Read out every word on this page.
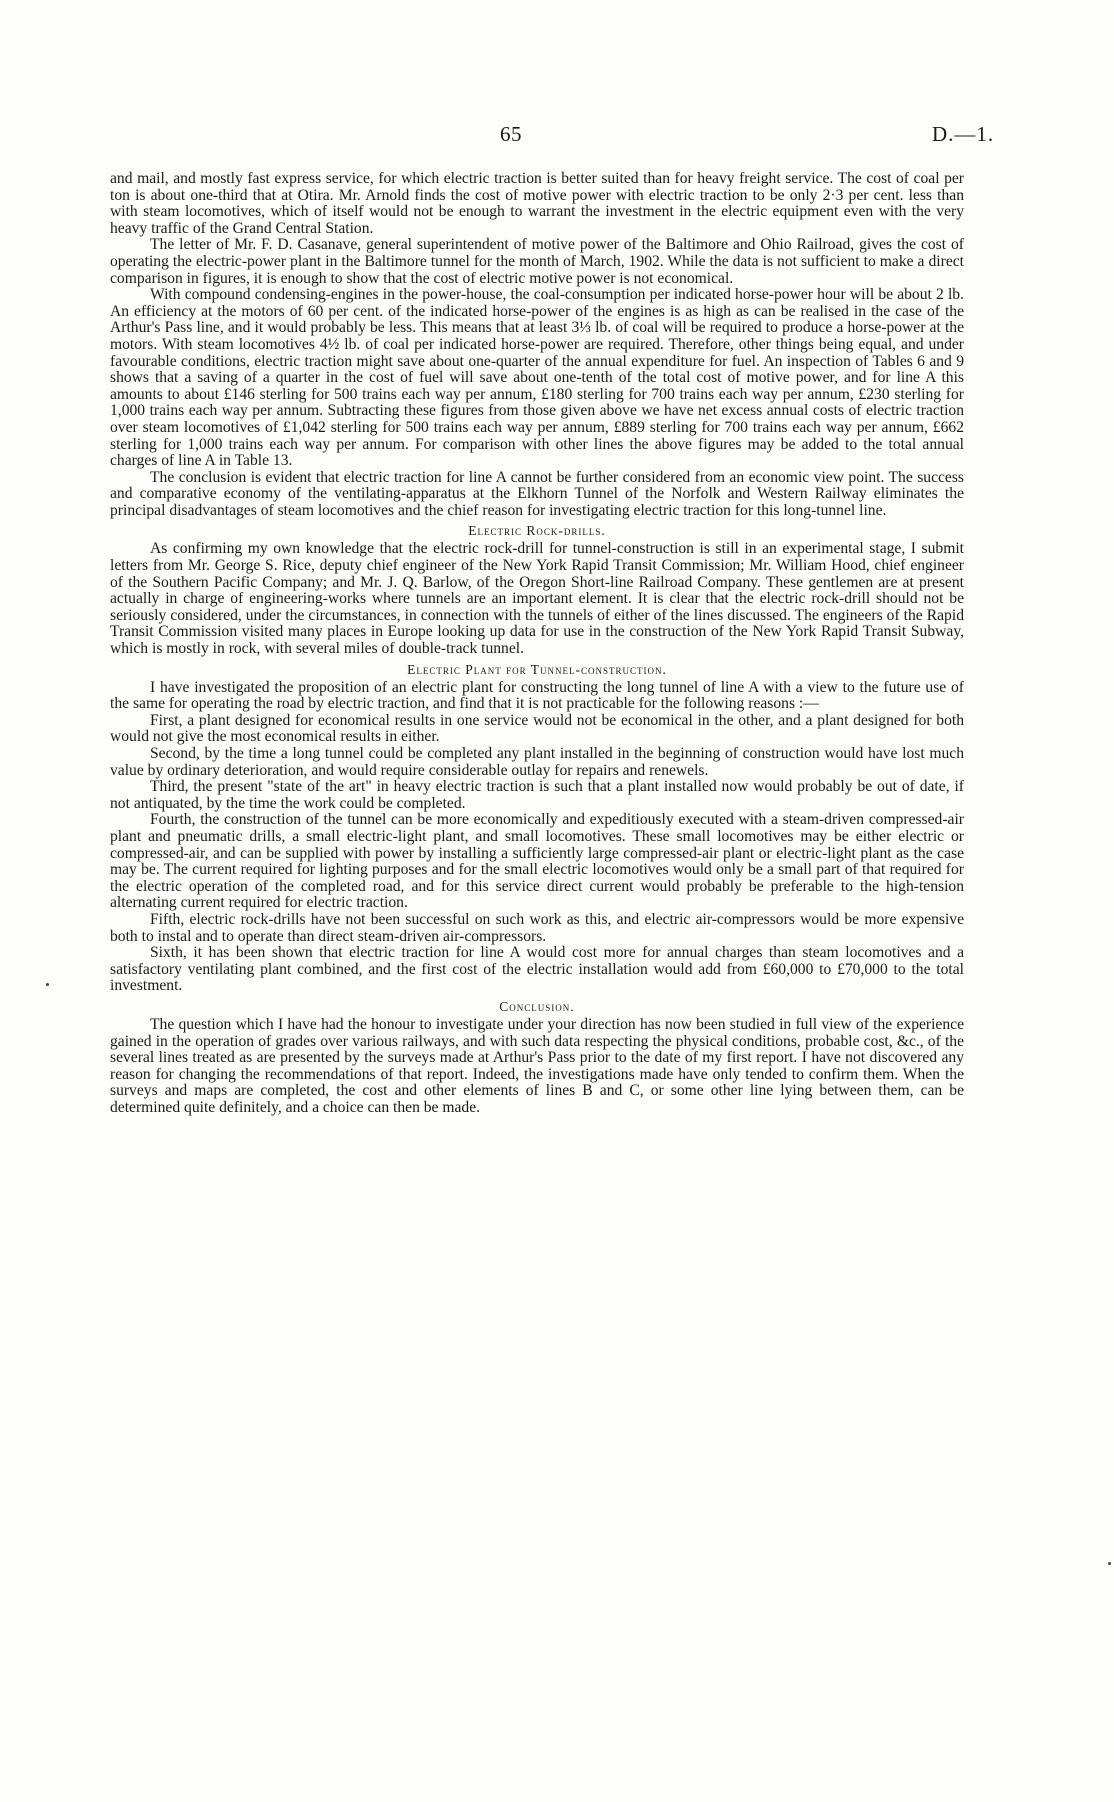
65	D.—1.

and mail, and mostly fast express service, for which electric traction is better suited than for heavy freight service. The cost of coal per ton is about one-third that at Otira. Mr. Arnold finds the cost of motive power with electric traction to be only 2·3 per cent. less than with steam locomotives, which of itself would not be enough to warrant the investment in the electric equipment even with the very heavy traffic of the Grand Central Station.

The letter of Mr. F. D. Casanave, general superintendent of motive power of the Baltimore and Ohio Railroad, gives the cost of operating the electric-power plant in the Baltimore tunnel for the month of March, 1902. While the data is not sufficient to make a direct comparison in figures, it is enough to show that the cost of electric motive power is not economical.

With compound condensing-engines in the power-house, the coal-consumption per indicated horse-power hour will be about 2 lb. An efficiency at the motors of 60 per cent. of the indicated horse-power of the engines is as high as can be realised in the case of the Arthur's Pass line, and it would probably be less. This means that at least 3⅓ lb. of coal will be required to produce a horse-power at the motors. With steam locomotives 4½ lb. of coal per indicated horse-power are required. Therefore, other things being equal, and under favourable conditions, electric traction might save about one-quarter of the annual expenditure for fuel. An inspection of Tables 6 and 9 shows that a saving of a quarter in the cost of fuel will save about one-tenth of the total cost of motive power, and for line A this amounts to about £146 sterling for 500 trains each way per annum, £180 sterling for 700 trains each way per annum, £230 sterling for 1,000 trains each way per annum. Subtracting these figures from those given above we have net excess annual costs of electric traction over steam locomotives of £1,042 sterling for 500 trains each way per annum, £889 sterling for 700 trains each way per annum, £662 sterling for 1,000 trains each way per annum. For comparison with other lines the above figures may be added to the total annual charges of line A in Table 13.

The conclusion is evident that electric traction for line A cannot be further considered from an economic view point. The success and comparative economy of the ventilating-apparatus at the Elkhorn Tunnel of the Norfolk and Western Railway eliminates the principal disadvantages of steam locomotives and the chief reason for investigating electric traction for this long-tunnel line.

Electric Rock-drills.

As confirming my own knowledge that the electric rock-drill for tunnel-construction is still in an experimental stage, I submit letters from Mr. George S. Rice, deputy chief engineer of the New York Rapid Transit Commission; Mr. William Hood, chief engineer of the Southern Pacific Company; and Mr. J. Q. Barlow, of the Oregon Short-line Railroad Company. These gentlemen are at present actually in charge of engineering-works where tunnels are an important element. It is clear that the electric rock-drill should not be seriously considered, under the circumstances, in connection with the tunnels of either of the lines discussed. The engineers of the Rapid Transit Commission visited many places in Europe looking up data for use in the construction of the New York Rapid Transit Subway, which is mostly in rock, with several miles of double-track tunnel.

Electric Plant for Tunnel-construction.

I have investigated the proposition of an electric plant for constructing the long tunnel of line A with a view to the future use of the same for operating the road by electric traction, and find that it is not practicable for the following reasons :—

First, a plant designed for economical results in one service would not be economical in the other, and a plant designed for both would not give the most economical results in either.

Second, by the time a long tunnel could be completed any plant installed in the beginning of construction would have lost much value by ordinary deterioration, and would require considerable outlay for repairs and renewels.

Third, the present "state of the art" in heavy electric traction is such that a plant installed now would probably be out of date, if not antiquated, by the time the work could be completed.

Fourth, the construction of the tunnel can be more economically and expeditiously executed with a steam-driven compressed-air plant and pneumatic drills, a small electric-light plant, and small locomotives. These small locomotives may be either electric or compressed-air, and can be supplied with power by installing a sufficiently large compressed-air plant or electric-light plant as the case may be. The current required for lighting purposes and for the small electric locomotives would only be a small part of that required for the electric operation of the completed road, and for this service direct current would probably be preferable to the high-tension alternating current required for electric traction.

Fifth, electric rock-drills have not been successful on such work as this, and electric air-compressors would be more expensive both to instal and to operate than direct steam-driven air-compressors.

Sixth, it has been shown that electric traction for line A would cost more for annual charges than steam locomotives and a satisfactory ventilating plant combined, and the first cost of the electric installation would add from £60,000 to £70,000 to the total investment.

Conclusion.

The question which I have had the honour to investigate under your direction has now been studied in full view of the experience gained in the operation of grades over various railways, and with such data respecting the physical conditions, probable cost, &c., of the several lines treated as are presented by the surveys made at Arthur's Pass prior to the date of my first report. I have not discovered any reason for changing the recommendations of that report. Indeed, the investigations made have only tended to confirm them. When the surveys and maps are completed, the cost and other elements of lines B and C, or some other line lying between them, can be determined quite definitely, and a choice can then be made.
